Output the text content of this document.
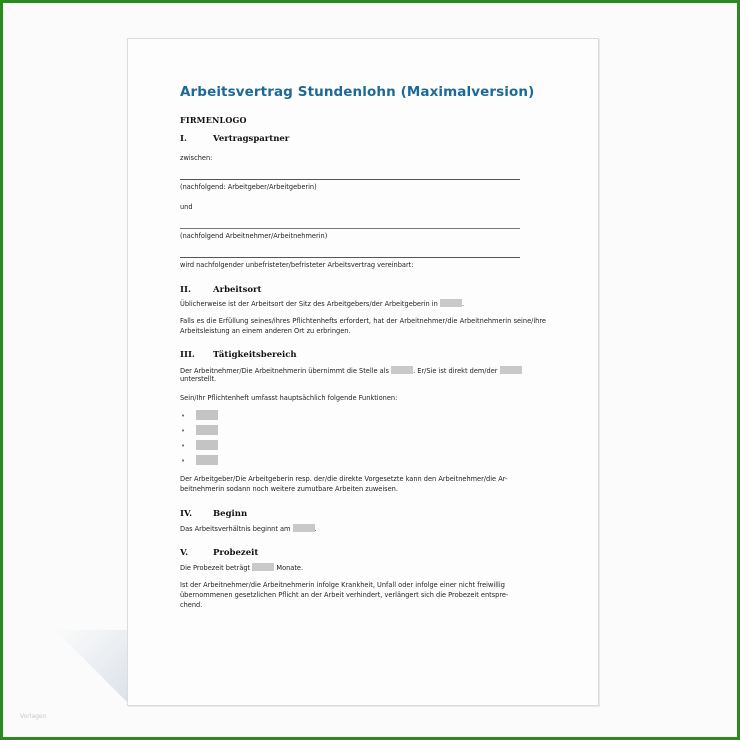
Vorlagen
Arbeitsvertrag Stundenlohn (Maximalversion)
FIRMENLOGO
I.	Vertragspartner
zwischen:
(nachfolgend: Arbeitgeber/Arbeitgeberin)
und
(nachfolgend Arbeitnehmer/Arbeitnehmerin)
wird nachfolgender unbefristeter/befristeter Arbeitsvertrag vereinbart:
II.	Arbeitsort
Üblicherweise ist der Arbeitsort der Sitz des Arbeitgebers/der Arbeitgeberin in	.
Falls es die Erfüllung seines/ihres Pflichtenhefts erfordert, hat der Arbeitnehmer/die Arbeitnehmerin seine/ihre Arbeitsleistung an einem anderen Ort zu erbringen.
III. Tätigkeitsbereich
Der Arbeitnehmer/Die Arbeitnehmerin übernimmt die Stelle als	. Er/Sie ist direkt dem/der
unterstellt.
Sein/Ihr Pflichtenheft umfasst hauptsächlich folgende Funktionen:
•
•
•
•
Der Arbeitgeber/Die Arbeitgeberin resp. der/die direkte Vorgesetzte kann den Arbeitnehmer/die Ar-
beitnehmerin sodann noch weitere zumutbare Arbeiten zuweisen.
IV. Beginn
Das Arbeitsverhältnis beginnt am	.
V.	Probezeit
Die Probezeit beträgt	Monate.
Ist der Arbeitnehmer/die Arbeitnehmerin infolge Krankheit, Unfall oder infolge einer nicht freiwillig
übernommenen gesetzlichen Pflicht an der Arbeit verhindert, verlängert sich die Probezeit entspre-
chend.
